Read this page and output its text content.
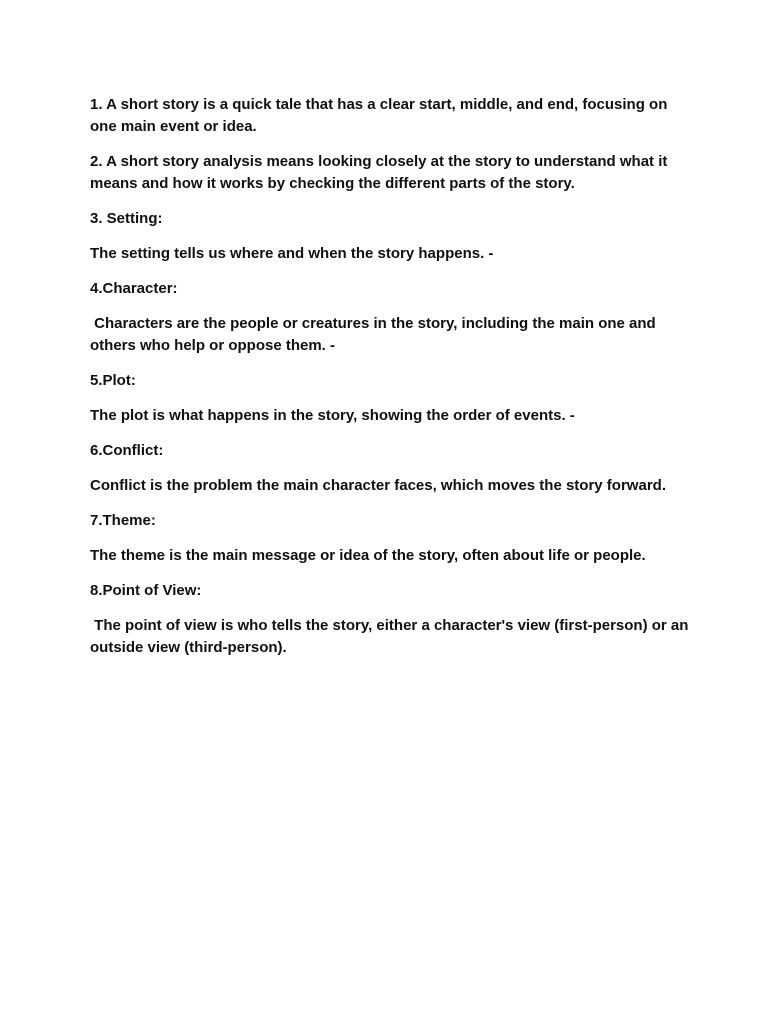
1. A short story is a quick tale that has a clear start, middle, and end, focusing on one main event or idea.

2. A short story analysis means looking closely at the story to understand what it means and how it works by checking the different parts of the story.

3. Setting:

The setting tells us where and when the story happens. -

4.Character:

Characters are the people or creatures in the story, including the main one and others who help or oppose them. -

5.Plot:

The plot is what happens in the story, showing the order of events. -

6.Conflict:

Conflict is the problem the main character faces, which moves the story forward.

7.Theme:

The theme is the main message or idea of the story, often about life or people.

8.Point of View:

The point of view is who tells the story, either a character's view (first-person) or an outside view (third-person).
